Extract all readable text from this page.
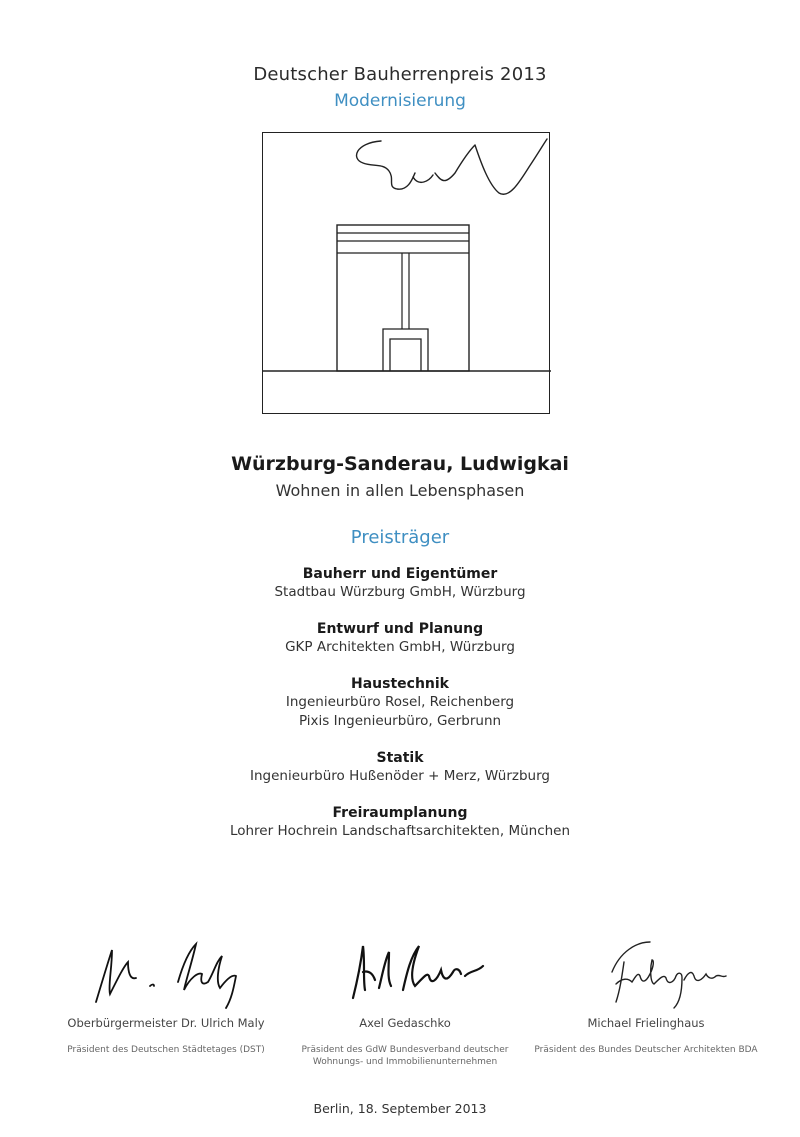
Deutscher Bauherrenpreis 2013
Modernisierung
Würzburg-Sanderau, Ludwigkai
Wohnen in allen Lebensphasen
Preisträger
Bauherr und Eigentümer
Stadtbau Würzburg GmbH, Würzburg
Entwurf und Planung
GKP Architekten GmbH, Würzburg
Haustechnik
Ingenieurbüro Rosel, Reichenberg
Pixis Ingenieurbüro, Gerbrunn
Statik
Ingenieurbüro Hußenöder + Merz, Würzburg
Freiraumplanung
Lohrer Hochrein Landschaftsarchitekten, München
Oberbürgermeister Dr. Ulrich Maly
Präsident des Deutschen Städtetages (DST)
Axel Gedaschko
Präsident des GdW Bundesverband deutscher
Wohnungs- und Immobilienunternehmen
Michael Frielinghaus
Präsident des Bundes Deutscher Architekten BDA
Berlin, 18. September 2013
